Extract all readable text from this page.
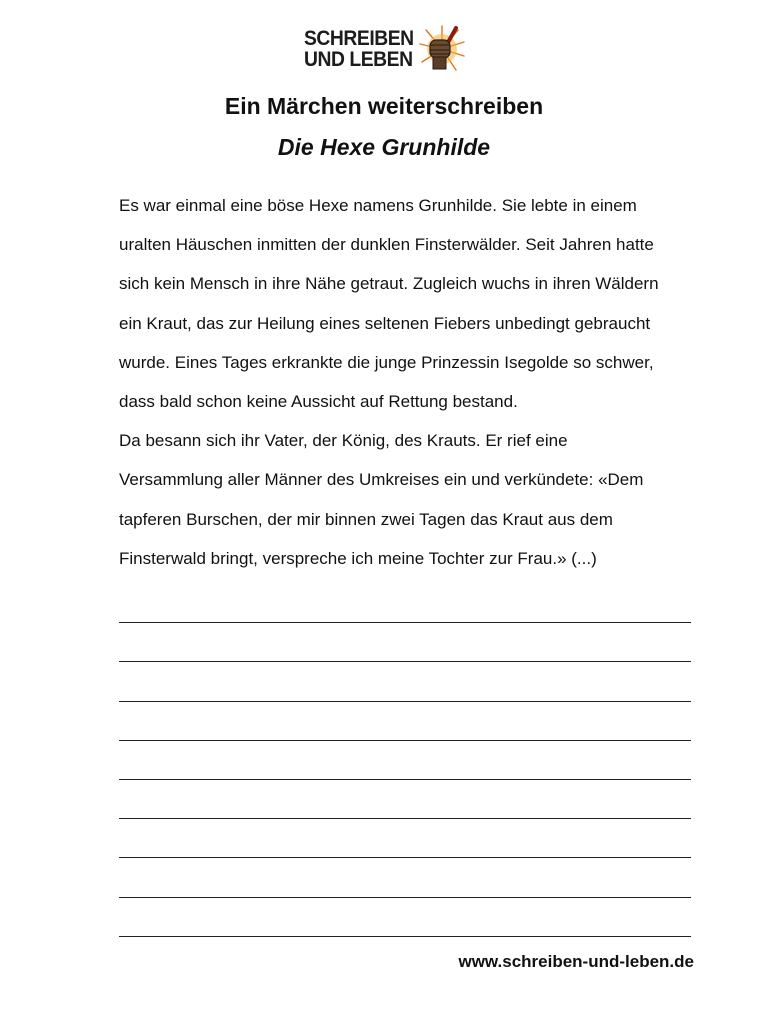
SCHREIBEN
UND LEBEN
Ein Märchen weiterschreiben
Die Hexe Grunhilde
Es war einmal eine böse Hexe namens Grunhilde. Sie lebte in einem
uralten Häuschen inmitten der dunklen Finsterwälder. Seit Jahren hatte
sich kein Mensch in ihre Nähe getraut. Zugleich wuchs in ihren Wäldern
ein Kraut, das zur Heilung eines seltenen Fiebers unbedingt gebraucht
wurde. Eines Tages erkrankte die junge Prinzessin Isegolde so schwer,
dass bald schon keine Aussicht auf Rettung bestand.
Da besann sich ihr Vater, der König, des Krauts. Er rief eine
Versammlung aller Männer des Umkreises ein und verkündete: «Dem
tapferen Burschen, der mir binnen zwei Tagen das Kraut aus dem
Finsterwald bringt, verspreche ich meine Tochter zur Frau.» (...)
www.schreiben-und-leben.de
